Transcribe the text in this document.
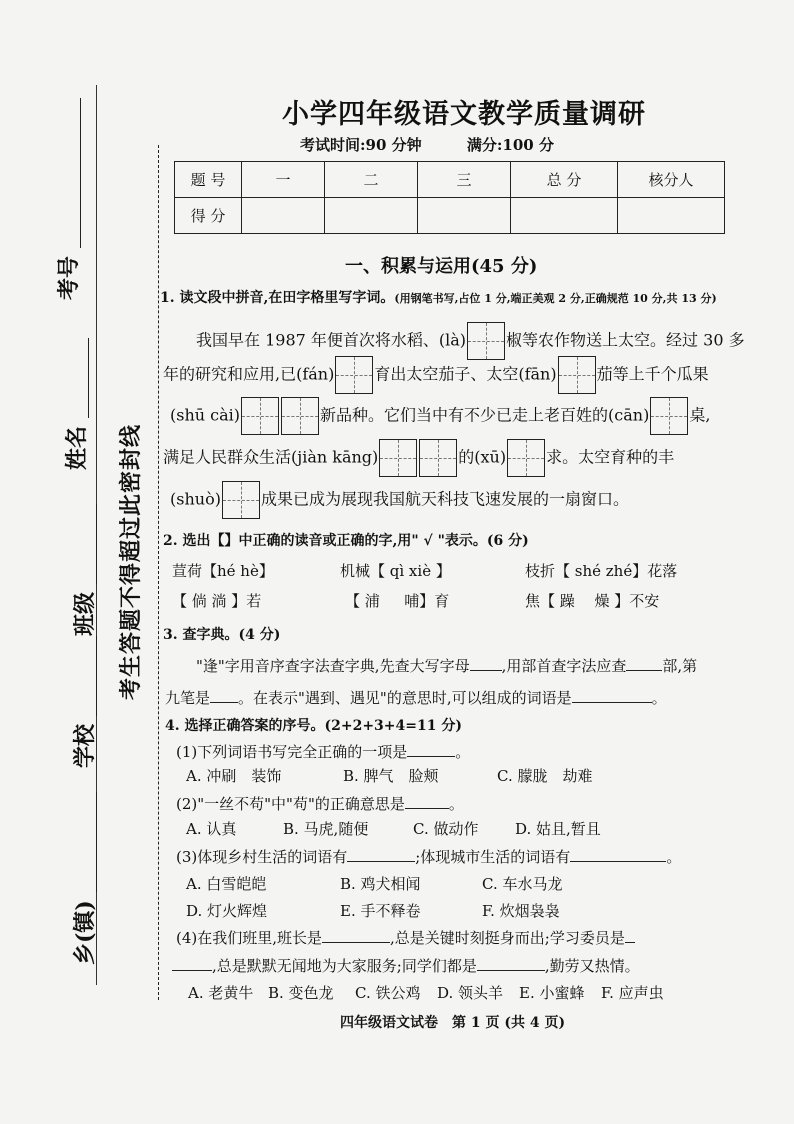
考号
姓名
班级
学校
乡(镇)
考生答题不得超过此密封线
小学四年级语文教学质量调研
考试时间:90 分钟	满分:100 分
题 号	一	二	三	总 分	核分人
得 分					
一、积累与运用(45 分)
1. 读文段中拼音,在田字格里写字词。(用钢笔书写,占位 1 分,端正美观 2 分,正确规范 10 分,共 13 分)
我国早在 1987 年便首次将水稻、(là)	椒等农作物送上太空。经过 30 多
年的研究和应用,已(fán)	育出太空茄子、太空(fān)	茄等上千个瓜果
(shū cài)	新品种。它们当中有不少已走上老百姓的(cān)	桌,
满足人民群众生活(jiàn kāng)	的(xū)	求。太空育种的丰
(shuò)	成果已成为展现我国航天科技飞速发展的一扇窗口。
2. 选出【】中正确的读音或正确的字,用" √ "表示。(6 分)
荁荷【hé hè】	机械【 qì xiè 】	枝折【 shé zhé】花落
【 倘 淌 】若	【 浦 　 哺】育	焦【 躁 　燥 】不安
3. 查字典。(4 分)
"逢"字用音序查字法查字典,先查大写字母 ,用部首查字法应查 部,第
九笔是 。在表示"遇到、遇见"的意思时,可以组成的词语是	。
4. 选择正确答案的序号。(2+2+3+4=11 分)
(1)下列词语书写完全正确的一项是	。
A. 冲刷　装饰	B. 脾气　脸颊	C. 朦胧　劫难
(2)"一丝不苟"中"苟"的正确意思是	。
A. 认真	B. 马虎,随便	C. 做动作 D. 姑且,暂且
(3)体现乡村生活的词语有	;体现城市生活的词语有	。
A. 白雪皑皑	B. 鸡犬相闻	C. 车水马龙
D. 灯火辉煌	E. 手不释卷	F. 炊烟袅袅
(4)在我们班里,班长是	,总是关键时刻挺身而出;学习委员是
,总是默默无闻地为大家服务;同学们都是	,勤劳又热情。
A. 老黄牛 B. 变色龙 C. 铁公鸡 D. 领头羊 E. 小蜜蜂 F. 应声虫
四年级语文试卷　第 1 页 (共 4 页)
